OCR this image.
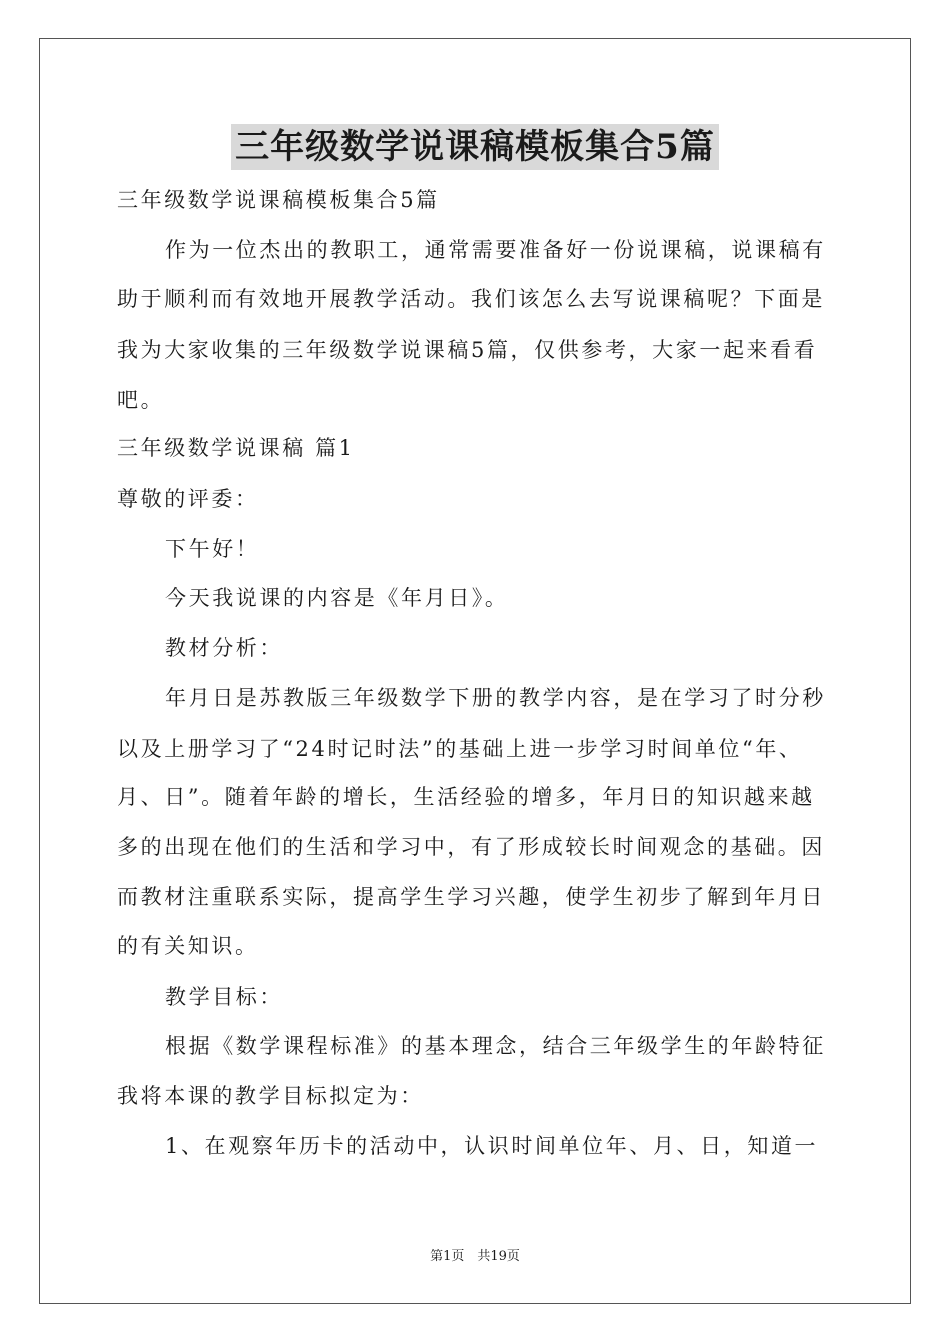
三年级数学说课稿模板集合5篇
三年级数学说课稿模板集合5篇
作为一位杰出的教职工，通常需要准备好一份说课稿，说课稿有
助于顺利而有效地开展教学活动。我们该怎么去写说课稿呢？下面是
我为大家收集的三年级数学说课稿5篇，仅供参考，大家一起来看看
吧。
三年级数学说课稿 篇1
尊敬的评委：
下午好！
今天我说课的内容是《年月日》。
教材分析：
年月日是苏教版三年级数学下册的教学内容，是在学习了时分秒
以及上册学习了“24时记时法”的基础上进一步学习时间单位“年、
月、日”。随着年龄的增长，生活经验的增多，年月日的知识越来越
多的出现在他们的生活和学习中，有了形成较长时间观念的基础。因
而教材注重联系实际，提高学生学习兴趣，使学生初步了解到年月日
的有关知识。
教学目标：
根据《数学课程标准》的基本理念，结合三年级学生的年龄特征
我将本课的教学目标拟定为：
1、在观察年历卡的活动中，认识时间单位年、月、日，知道一
第1页　共19页
